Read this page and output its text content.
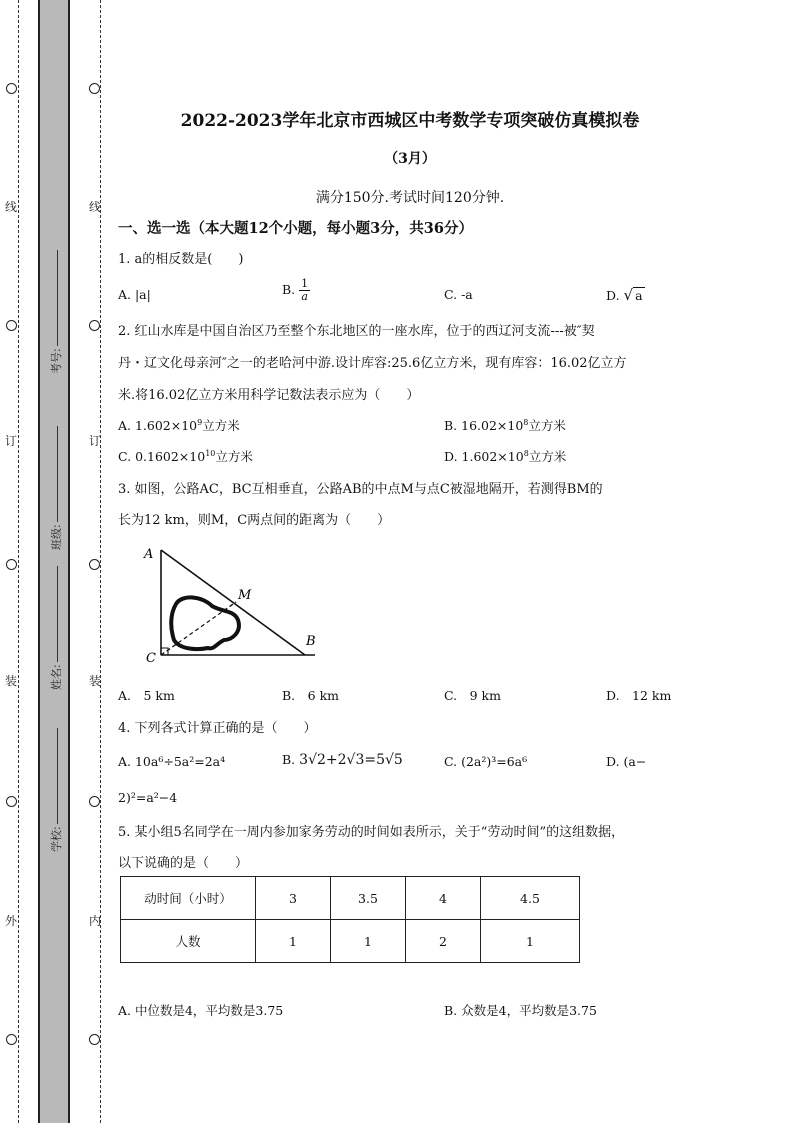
线
订
装
外
线
订
装
内
考号:
班级:
姓名:
学校:
2022-2023学年北京市西城区中考数学专项突破仿真模拟卷
（3月）
满分150分.考试时间120分钟.
一、选一选（本大题12个小题，每小题3分，共36分）
1. a的相反数是(　　)
A. |a|	B. $\frac{1}{a}$	C. -a	D. √ a
2. 红山水库是中国自治区乃至整个东北地区的一座水库，位于的西辽河支流---被″契
丹・辽文化母亲河″之一的老哈河中游.设计库容:25.6亿立方米，现有库容：16.02亿立方
米.将16.02亿立方米用科学记数法表示应为（　　）
A. $1.602\times 10^9$立方米	B. $16.02\times 10^8$立方米
C. $0.1602\times 10^{10}$立方米	D. $1.602\times 10^8$立方米
3. 如图，公路AC，BC互相垂直，公路AB的中点M与点C被湿地隔开，若测得BM的
长为12 km，则M，C两点间的距离为（　　）
A
M
B
C
A.　5 km	B.　6 km	C.　9 km	D.　12 km
4. 下列各式计算正确的是（　　）
A. 10a⁶÷5a²=2a⁴	B. 3√2+2√3=5√5	C. (2a²)³=6a⁶	D. (a−
2)²=a²−4
5. 某小组5名同学在一周内参加家务劳动的时间如表所示，关于“劳动时间”的这组数据，
以下说确的是（　　）
动时间（小时）	3	3.5	4	4.5
人数	1	1	2	1
A. 中位数是4，平均数是3.75	B. 众数是4，平均数是3.75
